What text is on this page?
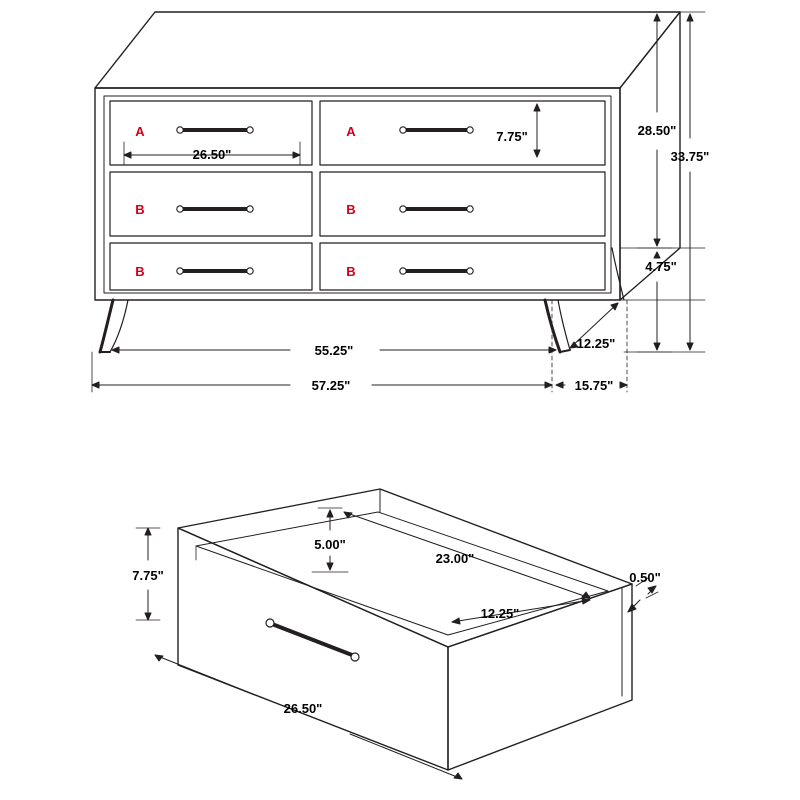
A	A
B	B
B	B
26.50"
7.75"	28.50"
33.75"
4.75"
55.25"	12.25"
57.25"	15.75"
5.00"
7.75"
23.00"
12.25"
0.50"
26.50"
